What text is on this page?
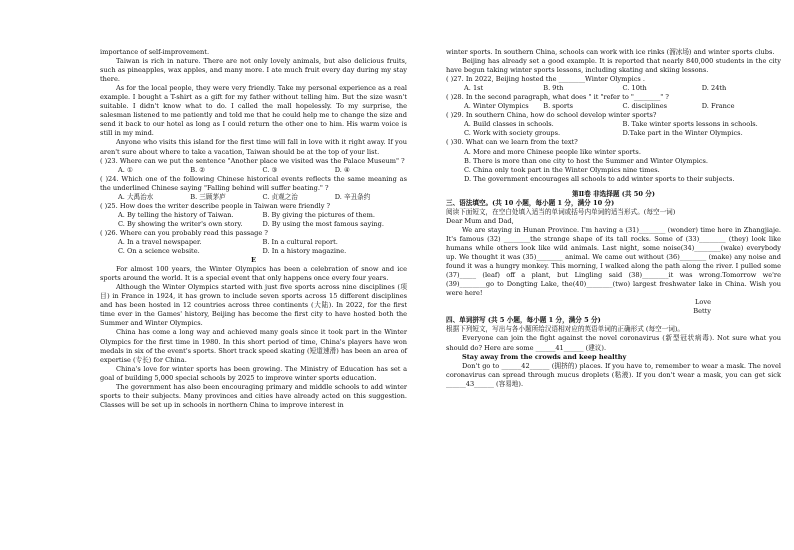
importance of self-improvement.

Taiwan is rich in nature. There are not only lovely animals, but also delicious fruits, such as pineapples, wax apples, and many more. I ate much fruit every day during my stay there.

As for the local people, they were very friendly. Take my personal experience as a real example. I bought a T-shirt as a gift for my father without telling him. But the size wasn't suitable. I didn't know what to do. I called the mall hopelessly. To my surprise, the salesman listened to me patiently and told me that he could help me to change the size and send it back to our hotel as long as I could return the other one to him. His warm voice is still in my mind.

Anyone who visits this island for the first time will fall in love with it right away. If you aren't sure about where to take a vacation, Taiwan should be at the top of your list.

( )23. Where can we put the sentence "Another place we visited was the Palace Museum" ?

A. ①	B. ②	C. ③	D. ④

( )24. Which one of the following Chinese historical events reflects the same meaning as the underlined Chinese saying "Falling behind will suffer beating." ?

A. 大禹治水	B. 三顾茅庐	C. 贞观之治	D. 辛丑条约

( )25. How does the writer describe people in Taiwan were friendly ?

A. By telling the history of Taiwan.	B. By giving the pictures of them.
C. By showing the writer's own story.	D. By using the most famous saying.

( )26. Where can you probably read this passage ?

A. In a travel newspaper.	B. In a cultural report.
C. On a science website.	D. In a history magazine.
E

For almost 100 years, the Winter Olympics has been a celebration of snow and ice sports around the world. It is a special event that only happens once every four years.

Although the Winter Olympics started with just five sports across nine disciplines (项目) in France in 1924, it has grown to include seven sports across 15 different disciplines and has been hosted in 12 countries across three continents (大陆). In 2022, for the first time ever in the Games' history, Beijing has become the first city to have hosted both the Summer and Winter Olympics.

China has come a long way and achieved many goals since it took part in the Winter Olympics for the first time in 1980. In this short period of time, China's players have won medals in six of the event's sports. Short track speed skating (短道速滑) has been an area of expertise (专长) for China.

China's love for winter sports has been growing. The Ministry of Education has set a goal of building 5,000 special schools by 2025 to improve winter sports education.

The government has also been encouraging primary and middle schools to add winter sports to their subjects. Many provinces and cities have already acted on this suggestion. Classes will be set up in schools in northern China to improve interest in

winter sports. In southern China, schools can work with ice rinks (溜冰场) and winter sports clubs.

Beijing has already set a good example. It is reported that nearly 840,000 students in the city have begun taking winter sports lessons, including skating and skiing lessons.

( )27. In 2022, Beijing hosted the ________Winter Olympics .

A. 1st	B. 9th	C. 10th	D. 24th

( )28. In the second paragraph, what does " it "refer to "________" ?

A. Winter Olympics	B. sports	C. disciplines	D. France

( )29. In southern China, how do school develop winter sports?

A. Build classes in schools.	B. Take winter sports lessons in schools.
C. Work with society groups.	D.Take part in the Winter Olympics.

( )30. What can we learn from the text?

A. More and more Chinese people like winter sports.
B. There is more than one city to host the Summer and Winter Olympics.
C. China only took part in the Winter Olympics nine times.
D. The government encourages all schools to add winter sports to their subjects.
第Ⅱ卷 非选择题 (共 50 分)
三、语法填空。(共 10 小题，每小题 1 分，满分 10 分)
阅读下面短文，在空白处填入适当的单词或括号内单词的适当形式。(每空一词)
Dear Mum and Dad,

We are staying in Hunan Province. I'm having a (31)________ (wonder) time here in Zhangjiaje. It's famous (32) ________the strange shape of its tall rocks. Some of (33)________ (they) look like humans while others look like wild animals. Last night, some noise(34)________(wake) everybody up. We thought it was (35)________ animal. We came out without (36)________ (make) any noise and found it was a hungry monkey. This morning, I walked along the path along the river. I pulled some (37)_____ (leaf) off a plant, but Lingling said (38)________it was wrong.Tomorrow we're (39)________go to Dongting Lake, the(40)________(two) largest freshwater lake in China. Wish you were here!

Love
Betty
四、单词拼写 (共 5 小题，每小题 1 分，满分 5 分)
根据下列短文，写出与各小题所给汉语相对应的英语单词的正确形式 (每空一词)。

Everyone can join the fight against the novel coronavirus (新型冠状病毒). Not sure what you should do? Here are some ______41______ (建议).

Stay away from the crowds and keep healthy

Don't go to ______42______ (拥挤的) places. If you have to, remember to wear a mask. The novel coronavirus can spread through mucus droplets (粘液). If you don't wear a mask, you can get sick ______43______ (容易地).
